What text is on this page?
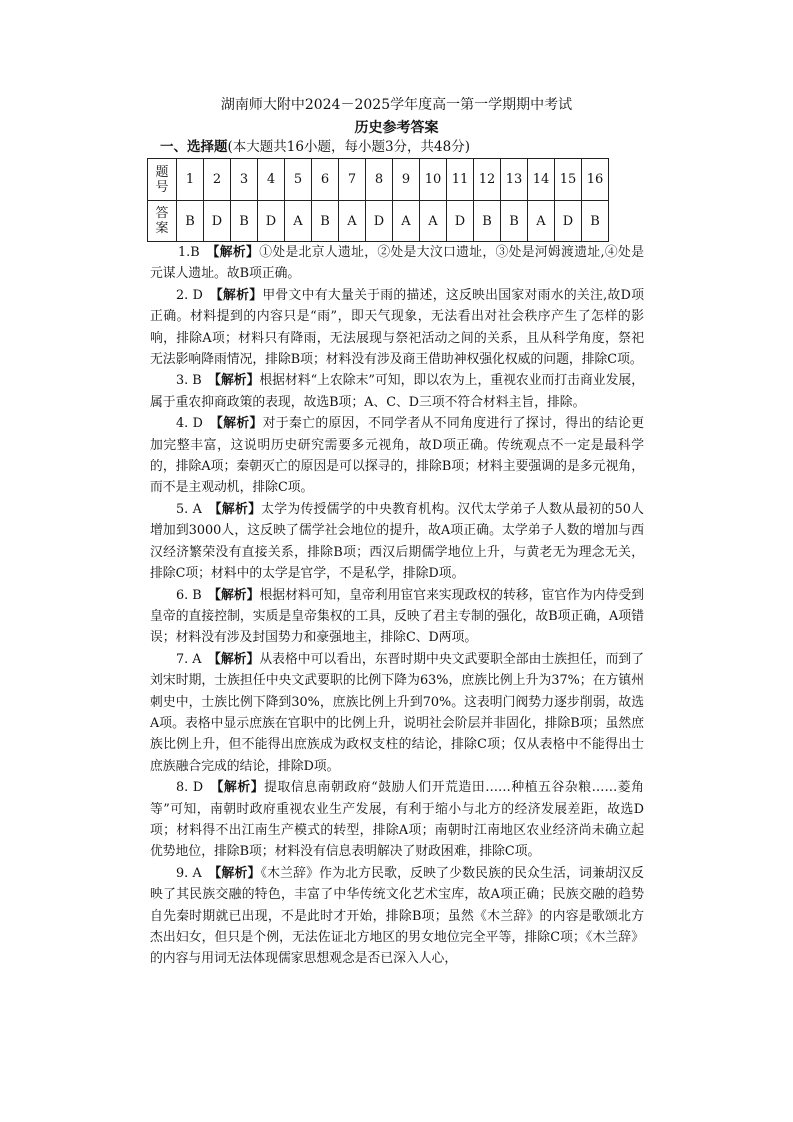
湖南师大附中2024－2025学年度高一第一学期期中考试
历史参考答案
一、选择题(本大题共16小题，每小题3分，共48分)
题
号	1	2	3	4	5	6	7	8	9	10	11	12	13	14	15	16
答
案	B	D	B	D	A	B	A	D	A	A	D	B	B	A	D	B

1.B　【解析】①处是北京人遗址，②处是大汶口遗址，③处是河姆渡遗址,④处是元谋人遗址。故B项正确。

2. D　【解析】甲骨文中有大量关于雨的描述，这反映出国家对雨水的关注,故D项正确。材料提到的内容只是“雨”，即天气现象，无法看出对社会秩序产生了怎样的影响，排除A项；材料只有降雨，无法展现与祭祀活动之间的关系，且从科学角度，祭祀无法影响降雨情况，排除B项；材料没有涉及商王借助神权强化权威的问题，排除C项。

3. B　【解析】根据材料“上农除末”可知，即以农为上，重视农业而打击商业发展，属于重农抑商政策的表现，故选B项；A、C、D三项不符合材料主旨，排除。

4. D　【解析】对于秦亡的原因，不同学者从不同角度进行了探讨，得出的结论更加完整丰富，这说明历史研究需要多元视角，故D项正确。传统观点不一定是最科学的，排除A项；秦朝灭亡的原因是可以探寻的，排除B项；材料主要强调的是多元视角，而不是主观动机，排除C项。

5. A　【解析】太学为传授儒学的中央教育机构。汉代太学弟子人数从最初的50人增加到3000人，这反映了儒学社会地位的提升，故A项正确。太学弟子人数的增加与西汉经济繁荣没有直接关系，排除B项；西汉后期儒学地位上升，与黄老无为理念无关，排除C项；材料中的太学是官学，不是私学，排除D项。

6. B　【解析】根据材料可知，皇帝利用宦官来实现政权的转移，宦官作为内侍受到皇帝的直接控制，实质是皇帝集权的工具，反映了君主专制的强化，故B项正确，A项错误；材料没有涉及封国势力和豪强地主，排除C、D两项。

7. A　【解析】从表格中可以看出，东晋时期中央文武要职全部由士族担任，而到了刘宋时期，士族担任中央文武要职的比例下降为63%，庶族比例上升为37%；在方镇州刺史中，士族比例下降到30%，庶族比例上升到70%。这表明门阀势力逐步削弱，故选A项。表格中显示庶族在官职中的比例上升，说明社会阶层并非固化，排除B项；虽然庶族比例上升，但不能得出庶族成为政权支柱的结论，排除C项；仅从表格中不能得出士庶族融合完成的结论，排除D项。

8. D　【解析】提取信息南朝政府“鼓励人们开荒造田……种植五谷杂粮……菱角等”可知，南朝时政府重视农业生产发展，有利于缩小与北方的经济发展差距，故选D项；材料得不出江南生产模式的转型，排除A项；南朝时江南地区农业经济尚未确立起优势地位，排除B项；材料没有信息表明解决了财政困难，排除C项。

9. A　【解析】《木兰辞》作为北方民歌，反映了少数民族的民众生活，词兼胡汉反映了其民族交融的特色，丰富了中华传统文化艺术宝库，故A项正确；民族交融的趋势自先秦时期就已出现，不是此时才开始，排除B项；虽然《木兰辞》的内容是歌颂北方杰出妇女，但只是个例，无法佐证北方地区的男女地位完全平等，排除C项；《木兰辞》的内容与用词无法体现儒家思想观念是否已深入人心，
